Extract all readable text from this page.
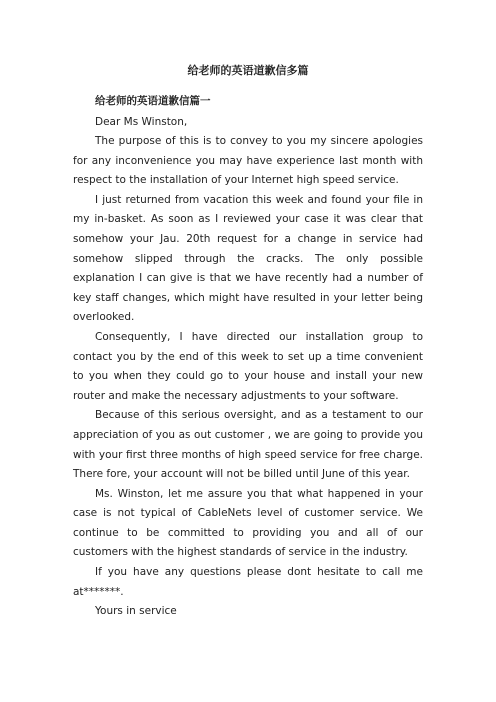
给老师的英语道歉信多篇
给老师的英语道歉信篇一
Dear Ms Winston,

The purpose of this is to convey to you my sincere apologies for any inconvenience you may have experience last month with respect to the installation of your Internet high speed service.

I just returned from vacation this week and found your file in my in-basket. As soon as I reviewed your case it was clear that somehow your Jau. 20th request for a change in service had somehow slipped through the cracks. The only possible explanation I can give is that we have recently had a number of key staff changes, which might have resulted in your letter being overlooked.

Consequently, I have directed our installation group to contact you by the end of this week to set up a time convenient to you when they could go to your house and install your new router and make the necessary adjustments to your software.

Because of this serious oversight, and as a testament to our appreciation of you as out customer , we are going to provide you with your first three months of high speed service for free charge. There fore, your account will not be billed until June of this year.

Ms. Winston, let me assure you that what happened in your case is not typical of CableNets level of customer service. We continue to be committed to providing you and all of our customers with the highest standards of service in the industry.

If you have any questions please dont hesitate to call me at*******.

Yours in service
